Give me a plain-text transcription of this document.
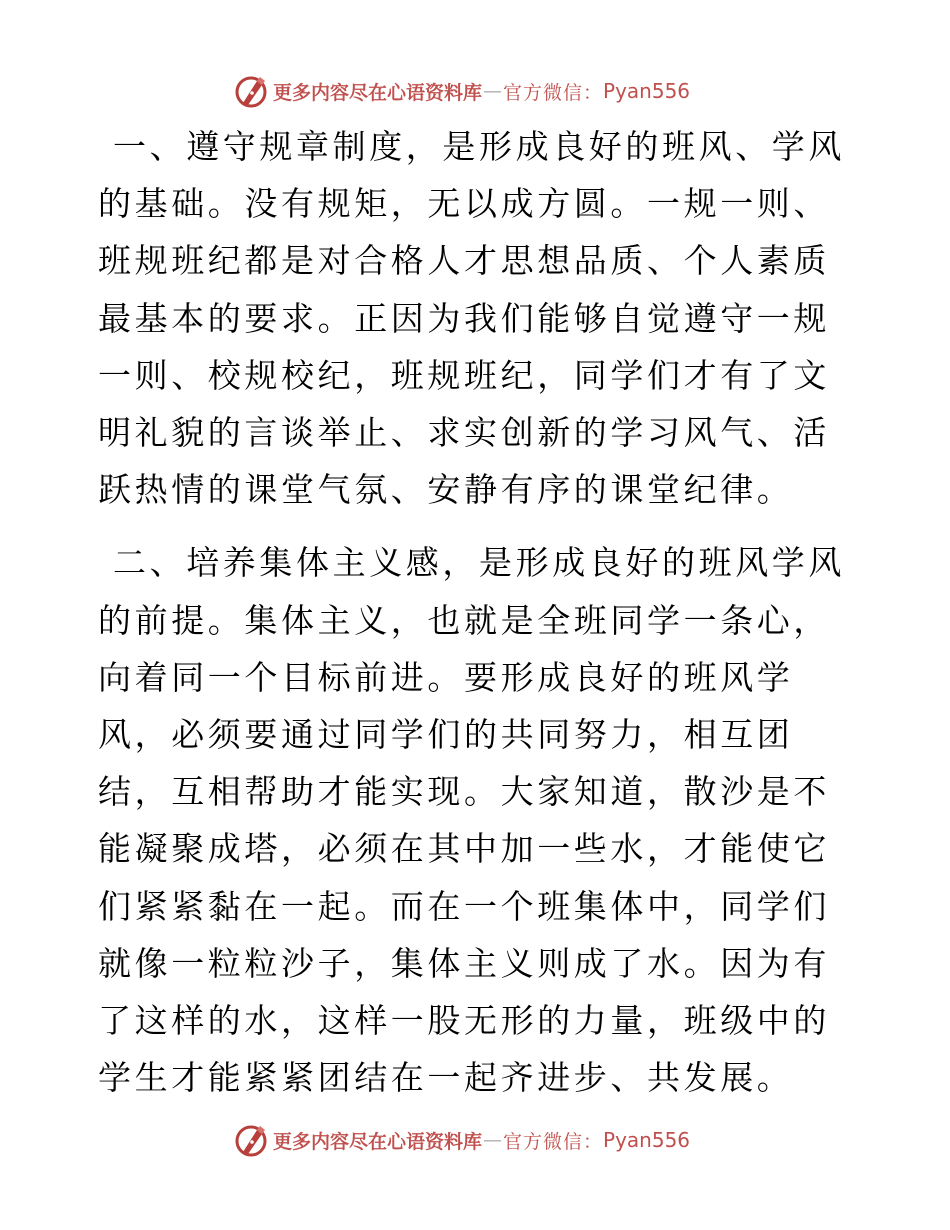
更多内容尽在心语资料库 — 官方微信： Pyan556

一、遵守规章制度，是形成良好的班风、学风的基础。没有规矩，无以成方圆。一规一则、班规班纪都是对合格人才思想品质、个人素质最基本的要求。正因为我们能够自觉遵守一规一则、校规校纪，班规班纪，同学们才有了文明礼貌的言谈举止、求实创新的学习风气、活跃热情的课堂气氛、安静有序的课堂纪律。

二、培养集体主义感，是形成良好的班风学风的前提。集体主义，也就是全班同学一条心，向着同一个目标前进。要形成良好的班风学风，必须要通过同学们的共同努力，相互团结，互相帮助才能实现。大家知道，散沙是不能凝聚成塔，必须在其中加一些水，才能使它们紧紧黏在一起。而在一个班集体中，同学们就像一粒粒沙子，集体主义则成了水。因为有了这样的水，这样一股无形的力量，班级中的学生才能紧紧团结在一起齐进步、共发展。

更多内容尽在心语资料库 — 官方微信： Pyan556
